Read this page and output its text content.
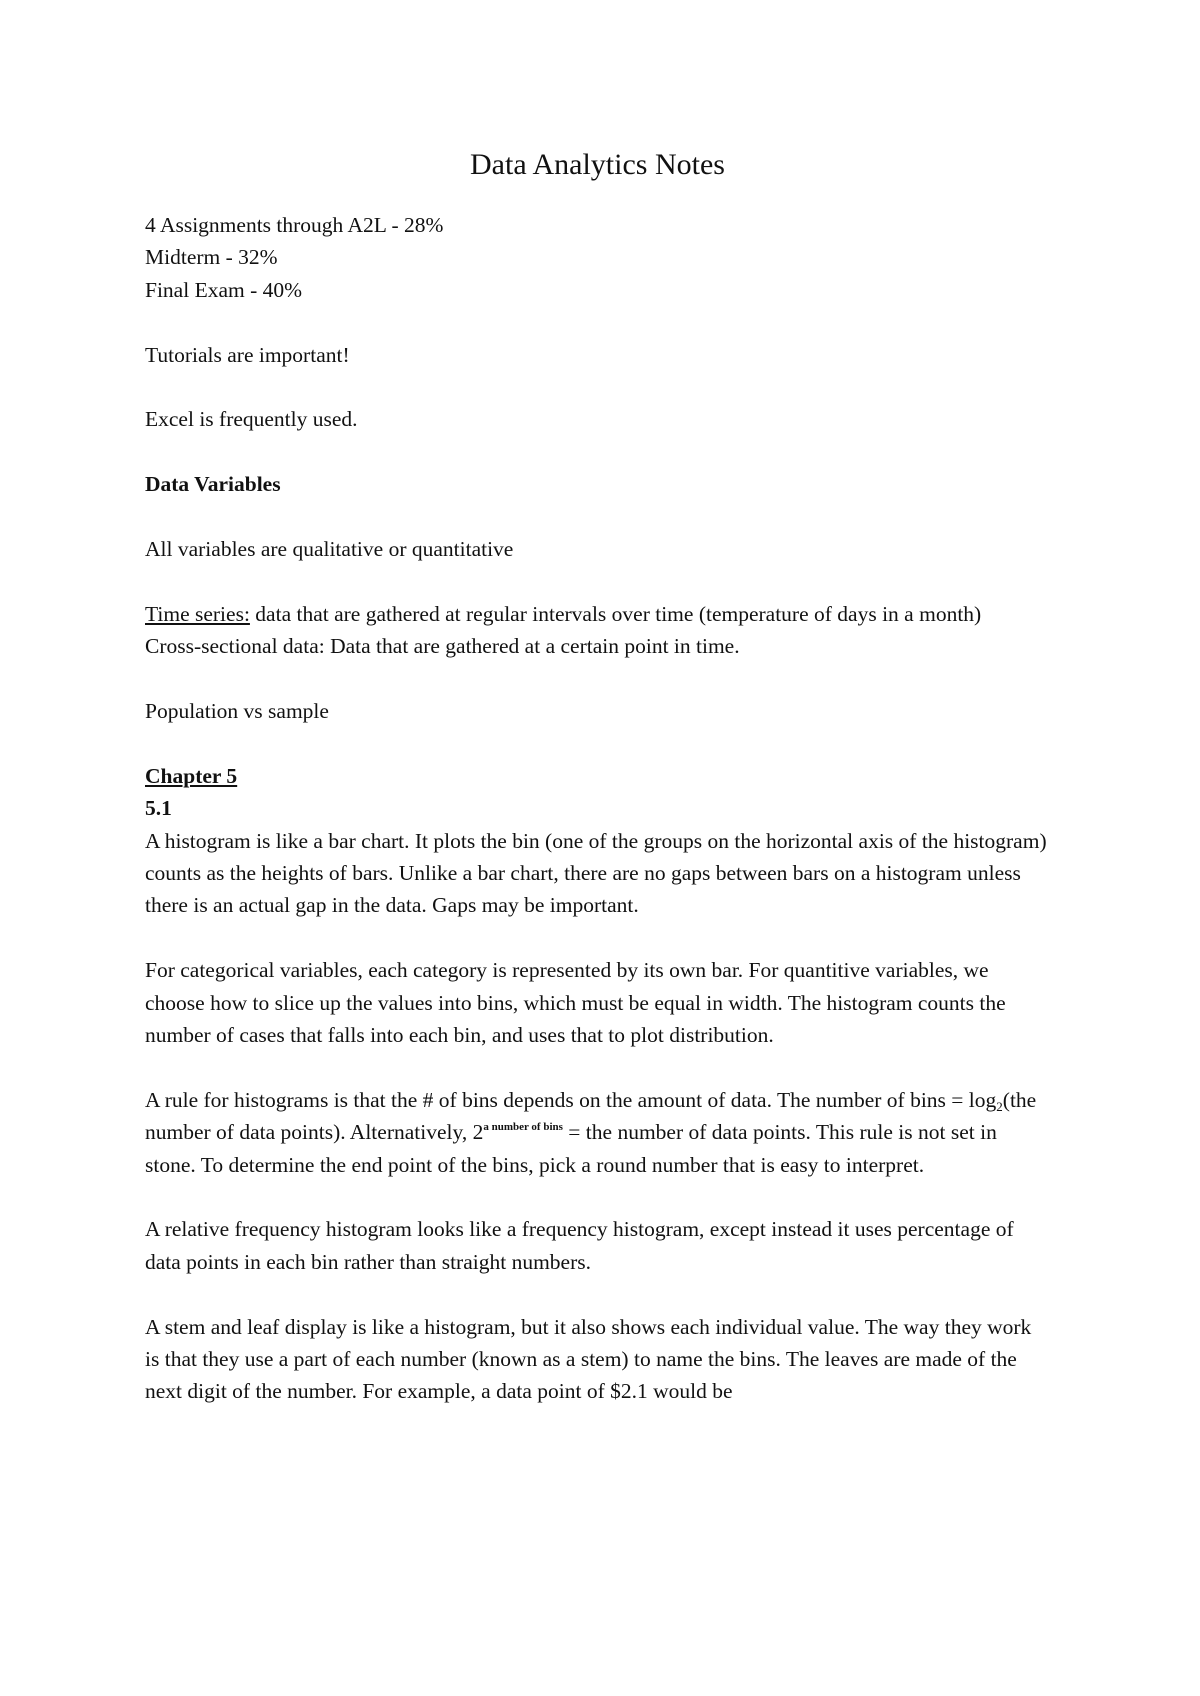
Data Analytics Notes

4 Assignments through A2L - 28%
Midterm - 32%
Final Exam - 40%

Tutorials are important!

Excel is frequently used.

Data Variables

All variables are qualitative or quantitative

Time series: data that are gathered at regular intervals over time (temperature of days in a month)
Cross-sectional data: Data that are gathered at a certain point in time.

Population vs sample

Chapter 5
5.1

A histogram is like a bar chart. It plots the bin (one of the groups on the horizontal axis of the histogram) counts as the heights of bars. Unlike a bar chart, there are no gaps between bars on a histogram unless there is an actual gap in the data. Gaps may be important.

For categorical variables, each category is represented by its own bar. For quantitive variables, we choose how to slice up the values into bins, which must be equal in width. The histogram counts the number of cases that falls into each bin, and uses that to plot distribution.

A rule for histograms is that the # of bins depends on the amount of data. The number of bins = $\log_2(the$ number of data points). Alternatively, $2^{a number of bins}$ = the number of data points. This rule is not set in stone. To determine the end point of the bins, pick a round number that is easy to interpret.

A relative frequency histogram looks like a frequency histogram, except instead it uses percentage of data points in each bin rather than straight numbers.

A stem and leaf display is like a histogram, but it also shows each individual value. The way they work is that they use a part of each number (known as a stem) to name the bins. The leaves are made of the next digit of the number. For example, a data point of $2.1 would be
